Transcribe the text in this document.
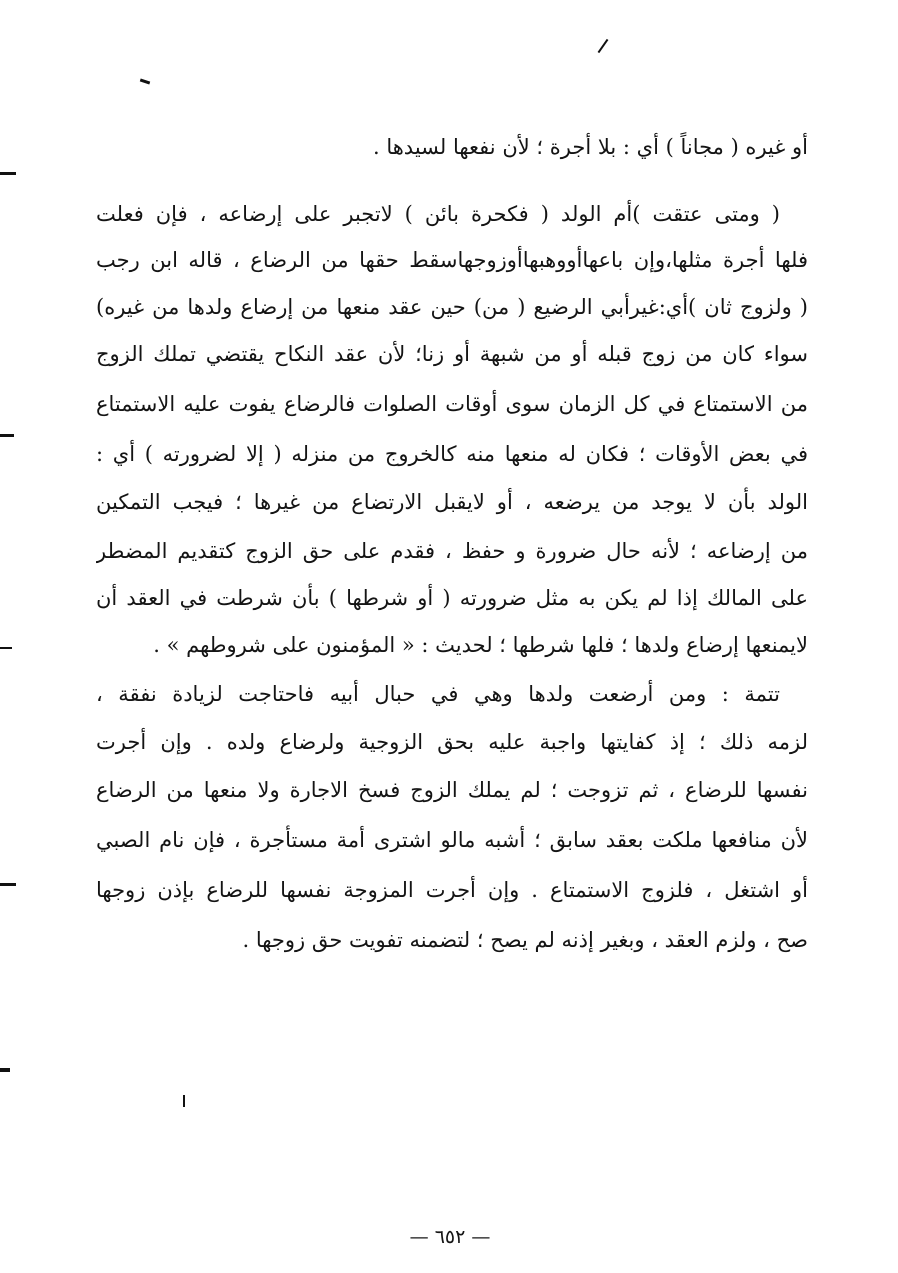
أو غيره ( مجاناً ) أي : بلا أجرة ؛ لأن نفعها لسيدها .
( ومتى عتقت )أم الولد ( فكحرة بائن ) لاتجبر على إرضاعه ، فإن فعلت
فلها أجرة مثلها،وإن باعهاأووهبهاأوزوجهاسقط حقها من الرضاع ، قاله ابن رجب
( ولزوج ثان )أي:غيرأبي الرضيع ( من) حين عقد منعها من إرضاع ولدها من غيره)
سواء كان من زوج قبله أو من شبهة أو زنا؛ لأن عقد النكاح يقتضي تملك الزوج
من الاستمتاع في كل الزمان سوى أوقات الصلوات فالرضاع يفوت عليه الاستمتاع
في بعض الأوقات ؛ فكان له منعها منه كالخروج من منزله ( إلا لضرورته ) أي :
الولد بأن لا يوجد من يرضعه ، أو لايقبل الارتضاع من غيرها ؛ فيجب التمكين
من إرضاعه ؛ لأنه حال ضرورة و حفظ ، فقدم على حق الزوج كتقديم المضطر
على المالك إذا لم يكن به مثل ضرورته ( أو شرطها ) بأن شرطت في العقد أن
لايمنعها إرضاع ولدها ؛ فلها شرطها ؛ لحديث : « المؤمنون على شروطهم » .
تتمة : ومن أرضعت ولدها وهي في حبال أبيه فاحتاجت لزيادة نفقة ،
لزمه ذلك ؛ إذ كفايتها واجبة عليه بحق الزوجية ولرضاع ولده . وإن أجرت
نفسها للرضاع ، ثم تزوجت ؛ لم يملك الزوج فسخ الاجارة ولا منعها من الرضاع
لأن منافعها ملكت بعقد سابق ؛ أشبه مالو اشترى أمة مستأجرة ، فإن نام الصبي
أو اشتغل ، فلزوج الاستمتاع . وإن أجرت المزوجة نفسها للرضاع بإذن زوجها
صح ، ولزم العقد ، وبغير إذنه لم يصح ؛ لتضمنه تفويت حق زوجها .
— ٦٥٢ —
